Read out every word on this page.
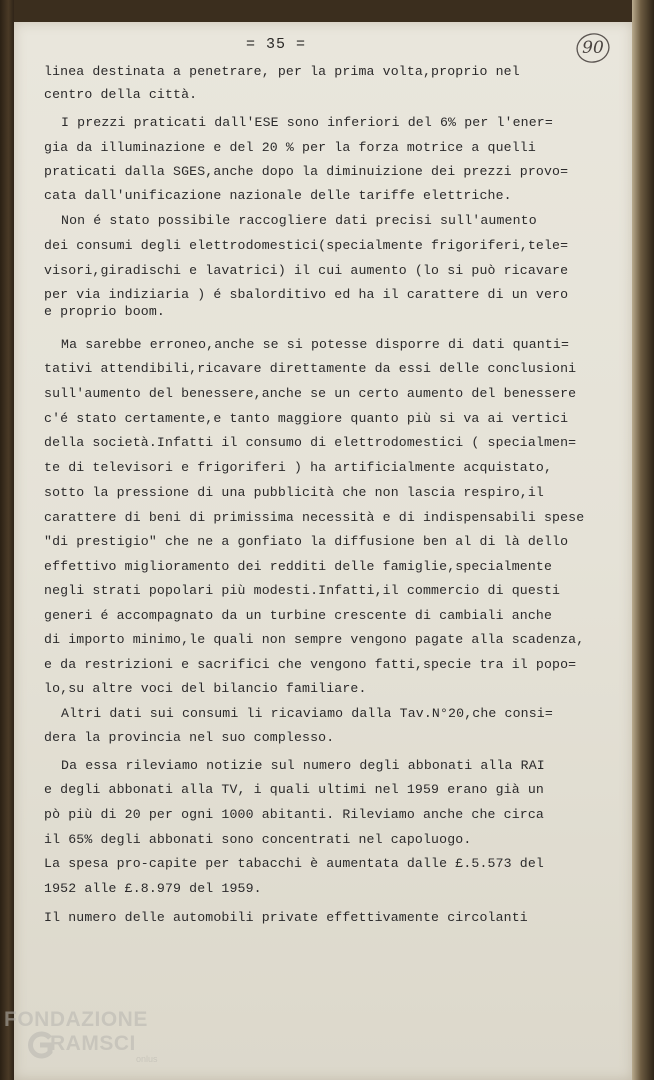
= 35 =	90
linea destinata a penetrare, per la prima volta,proprio nel
centro della città.
I prezzi praticati dall'ESE sono inferiori del 6% per l'ener=
gia da illuminazione e del 20 % per la forza motrice a quelli
praticati dalla SGES,anche dopo la diminuizione dei prezzi provo=
cata dall'unificazione nazionale delle tariffe elettriche.
Non é stato possibile raccogliere dati precisi sull'aumento
dei consumi degli elettrodomestici(specialmente frigoriferi,tele=
visori,giradischi e lavatrici) il cui aumento (lo si può ricavare
per via indiziaria ) é sbalorditivo ed ha il carattere di un vero
e proprio boom.
Ma sarebbe erroneo,anche se si potesse disporre di dati quanti=
tativi attendibili,ricavare direttamente da essi delle conclusioni
sull'aumento del benessere,anche se un certo aumento del benessere
c'é stato certamente,e tanto maggiore quanto più si va ai vertici
della società.Infatti il consumo di elettrodomestici ( specialmen=
te di televisori e frigoriferi ) ha artificialmente acquistato,
sotto la pressione di una pubblicità che non lascia respiro,il
carattere di beni di primissima necessità e di indispensabili spese
"di prestigio" che ne a gonfiato la diffusione ben al di là dello
effettivo miglioramento dei redditi delle famiglie,specialmente
negli strati popolari più modesti.Infatti,il commercio di questi
generi é accompagnato da un turbine crescente di cambiali anche
di importo minimo,le quali non sempre vengono pagate alla scadenza,
e da restrizioni e sacrifici che vengono fatti,specie tra il popo=
lo,su altre voci del bilancio familiare.
Altri dati sui consumi li ricaviamo dalla Tav.N°20,che consi=
dera la provincia nel suo complesso.
Da essa rileviamo notizie sul numero degli abbonati alla RAI
e degli abbonati alla TV, i quali ultimi nel 1959 erano già un
pò più di 20 per ogni 1000 abitanti. Rileviamo anche che circa
il 65% degli abbonati sono concentrati nel capoluogo.
La spesa pro-capite per tabacchi è aumentata dalle £.5.573 del
1952 alle £.8.979 del 1959.
Il numero delle automobili private effettivamente circolanti
FONDAZIONE
RAMSCI
onlus
